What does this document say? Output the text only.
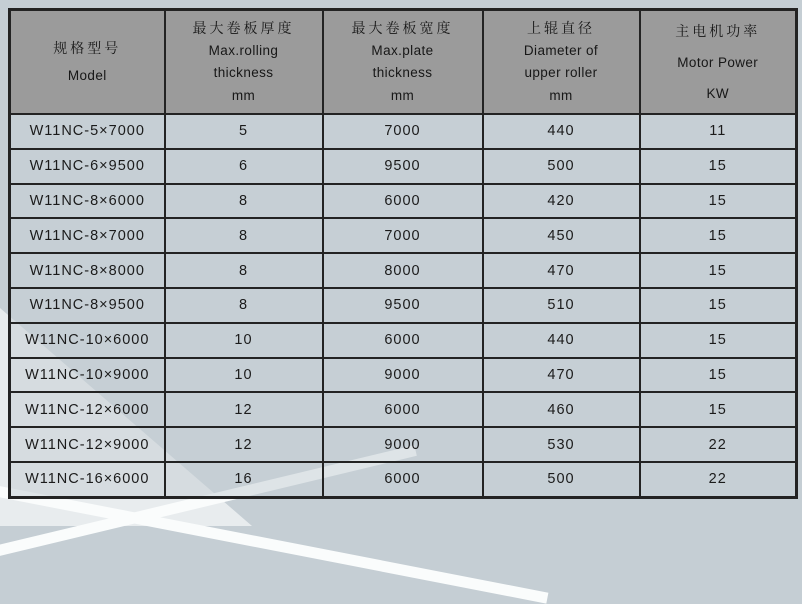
规格型号
Model	最大卷板厚度
Max.rolling
thickness
mm	最大卷板宽度
Max.plate
thickness
mm	上辊直径
Diameter of
upper roller
mm	主电机功率
Motor Power
KW

W11NC-5×7000	5	7000	440	11
W11NC-6×9500	6	9500	500	15
W11NC-8×6000	8	6000	420	15
W11NC-8×7000	8	7000	450	15
W11NC-8×8000	8	8000	470	15
W11NC-8×9500	8	9500	510	15
W11NC-10×6000	10	6000	440	15
W11NC-10×9000	10	9000	470	15
W11NC-12×6000	12	6000	460	15
W11NC-12×9000	12	9000	530	22
W11NC-16×6000	16	6000	500	22
